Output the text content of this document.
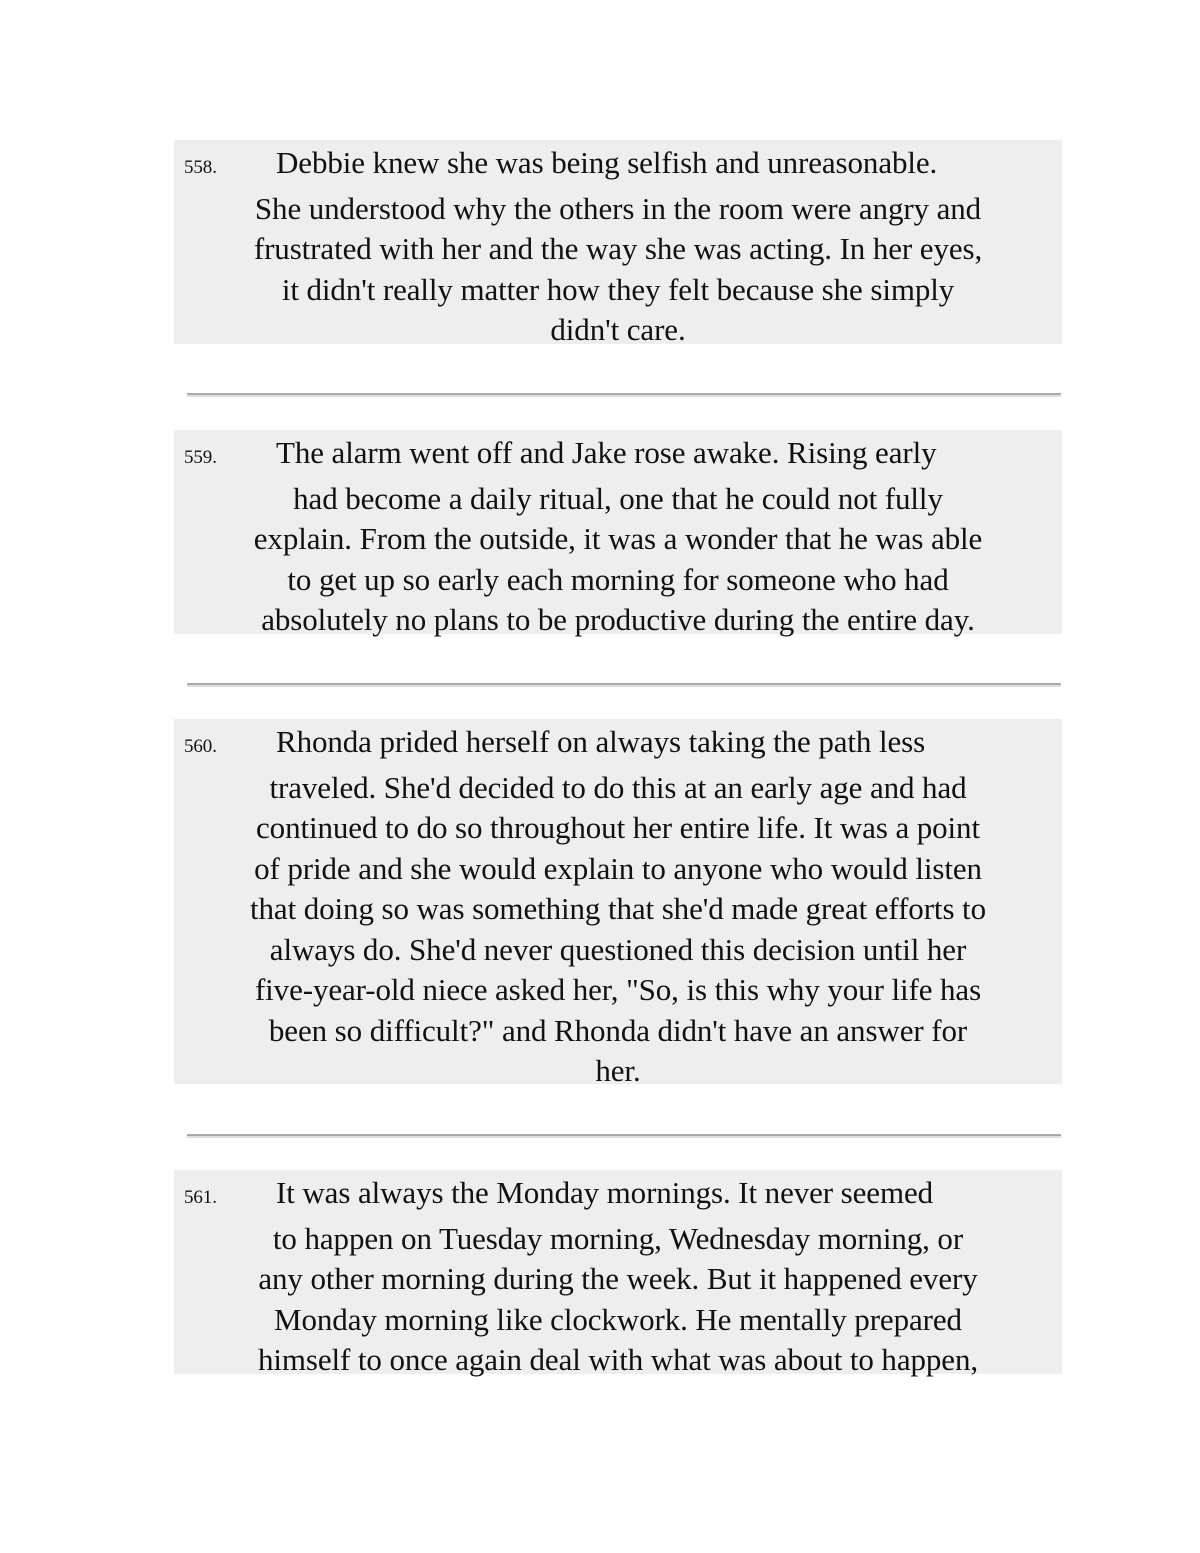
558. Debbie knew she was being selfish and unreasonable.
She understood why the others in the room were angry and
frustrated with her and the way she was acting. In her eyes,
it didn't really matter how they felt because she simply
didn't care.
559. The alarm went off and Jake rose awake. Rising early
had become a daily ritual, one that he could not fully
explain. From the outside, it was a wonder that he was able
to get up so early each morning for someone who had
absolutely no plans to be productive during the entire day.
560. Rhonda prided herself on always taking the path less
traveled. She'd decided to do this at an early age and had
continued to do so throughout her entire life. It was a point
of pride and she would explain to anyone who would listen
that doing so was something that she'd made great efforts to
always do. She'd never questioned this decision until her
five-year-old niece asked her, "So, is this why your life has
been so difficult?" and Rhonda didn't have an answer for
her.
561. It was always the Monday mornings. It never seemed
to happen on Tuesday morning, Wednesday morning, or
any other morning during the week. But it happened every
Monday morning like clockwork. He mentally prepared
himself to once again deal with what was about to happen,
